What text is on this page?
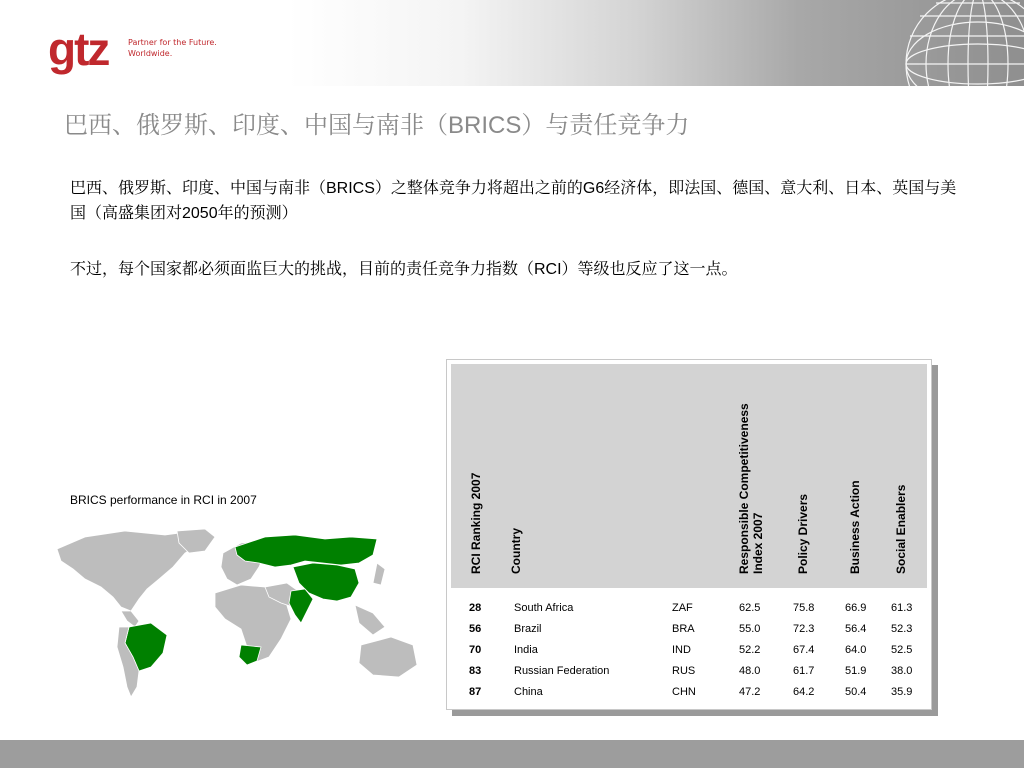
gtz Partner for the Future.
Worldwide.
巴西、俄罗斯、印度、中国与南非（BRICS）与责任竞争力
巴西、俄罗斯、印度、中国与南非（BRICS）之整体竞争力将超出之前的G6经济体，即法国、德国、意大利、日本、英国与美国（高盛集团对2050年的预测）
不过，每个国家都必须面监巨大的挑战，目前的责任竞争力指数（RCI）等级也反应了这一点。
BRICS performance in RCI in 2007	RCI Ranking 2007 Country	Responsible Competitiveness Index 2007	Policy Drivers	Business Action	Social Enablers
28	South Africa	ZAF	62.5	75.8	66.9 61.3
56	Brazil	BRA	55.0	72.3	56.4 52.3
70	India	IND	52.2	67.4	64.0 52.5
83	Russian Federation	RUS	48.0	61.7	51.9 38.0
87	China	CHN	47.2	64.2	50.4 35.9
